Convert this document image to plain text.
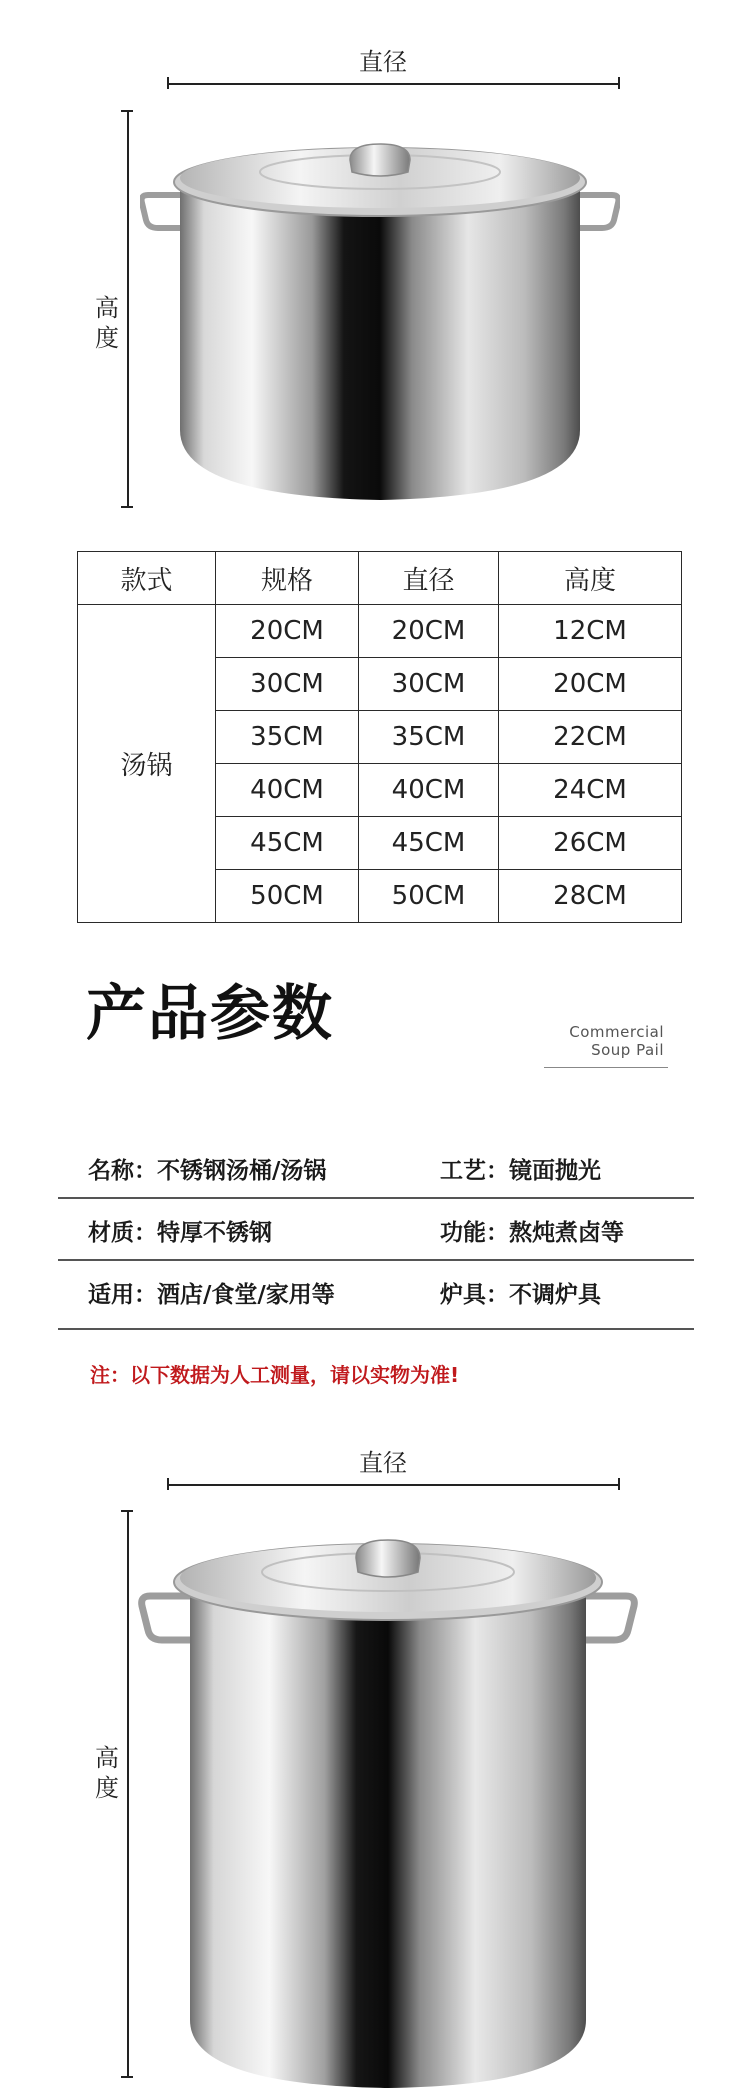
直径
高度
款式	规格	直径	高度
汤锅	20CM	20CM	12CM
	30CM	30CM	20CM
	35CM	35CM	22CM
	40CM	40CM	24CM
	45CM	45CM	26CM
	50CM	50CM	28CM
产品参数	Commercial
Soup Pail
名称：不锈钢汤桶/汤锅	工艺：镜面抛光
材质：特厚不锈钢	功能：熬炖煮卤等
适用：酒店/食堂/家用等	炉具：不调炉具
注：以下数据为人工测量，请以实物为准!
直径
高度
